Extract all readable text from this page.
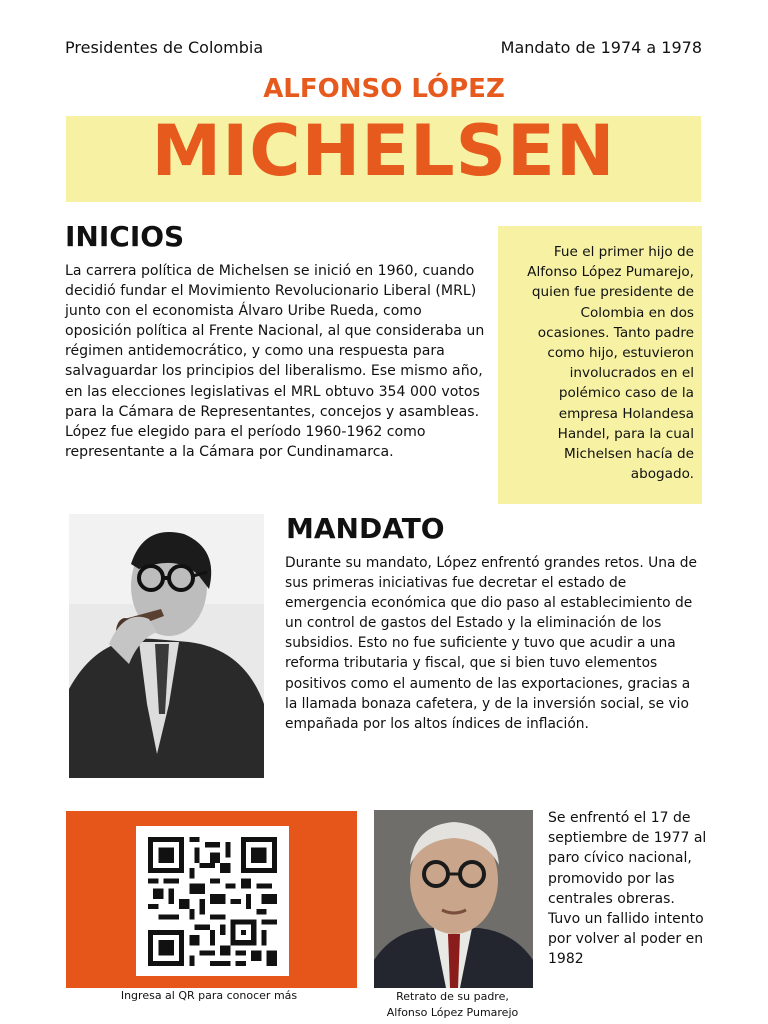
Presidentes de Colombia	Mandato de 1974 a 1978
ALFONSO LÓPEZ
MICHELSEN
INICIOS

La carrera política de Michelsen se inició en 1960, cuando decidió fundar el Movimiento Revolucionario Liberal (MRL) junto con el economista Álvaro Uribe Rueda, como oposición política al Frente Nacional, al que consideraba un régimen antidemocrático, y como una respuesta para salvaguardar los principios del liberalismo. Ese mismo año, en las elecciones legislativas el MRL obtuvo 354 000 votos para la Cámara de Representantes, concejos y asambleas. López fue elegido para el período 1960-1962 como representante a la Cámara por Cundinamarca.

Fue el primer hijo de Alfonso López Pumarejo, quien fue presidente de Colombia en dos ocasiones. Tanto padre como hijo, estuvieron involucrados en el polémico caso de la empresa Holandesa Handel, para la cual Michelsen hacía de abogado.

MANDATO

Durante su mandato, López enfrentó grandes retos. Una de sus primeras iniciativas fue decretar el estado de emergencia económica que dio paso al establecimiento de un control de gastos del Estado y la eliminación de los subsidios. Esto no fue suficiente y tuvo que acudir a una reforma tributaria y fiscal, que si bien tuvo elementos positivos como el aumento de las exportaciones, gracias a la llamada bonaza cafetera, y de la inversión social, se vio empañada por los altos índices de inflación.

Ingresa al QR para conocer más	Retrato de su padre,
Alfonso López Pumarejo

Se enfrentó el 17 de septiembre de 1977 al paro cívico nacional, promovido por las centrales obreras. Tuvo un fallido intento por volver al poder en 1982
